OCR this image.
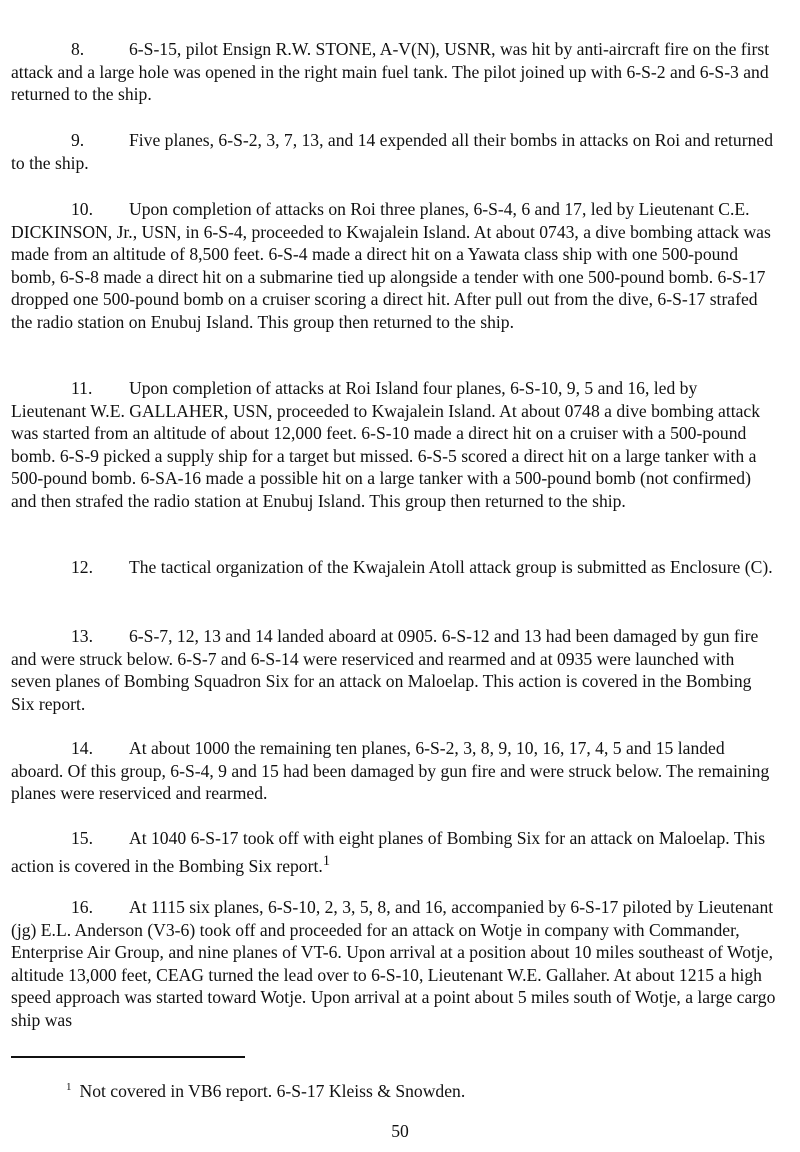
8.	6-S-15, pilot Ensign R.W. STONE, A-V(N), USNR, was hit by anti-aircraft fire on the first attack and a large hole was opened in the right main fuel tank. The pilot joined up with 6-S-2 and 6-S-3 and returned to the ship.

9.	Five planes, 6-S-2, 3, 7, 13, and 14 expended all their bombs in attacks on Roi and returned to the ship.

10. Upon completion of attacks on Roi three planes, 6-S-4, 6 and 17, led by Lieutenant C.E. DICKINSON, Jr., USN, in 6-S-4, proceeded to Kwajalein Island. At about 0743, a dive bombing attack was made from an altitude of 8,500 feet. 6-S-4 made a direct hit on a Yawata class ship with one 500-pound bomb, 6-S-8 made a direct hit on a submarine tied up alongside a tender with one 500-pound bomb. 6-S-17 dropped one 500-pound bomb on a cruiser scoring a direct hit. After pull out from the dive, 6-S-17 strafed the radio station on Enubuj Island. This group then returned to the ship.

11. Upon completion of attacks at Roi Island four planes, 6-S-10, 9, 5 and 16, led by Lieutenant W.E. GALLAHER, USN, proceeded to Kwajalein Island. At about 0748 a dive bombing attack was started from an altitude of about 12,000 feet. 6-S-10 made a direct hit on a cruiser with a 500-pound bomb. 6-S-9 picked a supply ship for a target but missed. 6-S-5 scored a direct hit on a large tanker with a 500-pound bomb. 6-SA-16 made a possible hit on a large tanker with a 500-pound bomb (not confirmed) and then strafed the radio station at Enubuj Island. This group then returned to the ship.

12. The tactical organization of the Kwajalein Atoll attack group is submitted as Enclosure (C).

13. 6-S-7, 12, 13 and 14 landed aboard at 0905. 6-S-12 and 13 had been damaged by gun fire and were struck below. 6-S-7 and 6-S-14 were reserviced and rearmed and at 0935 were launched with seven planes of Bombing Squadron Six for an attack on Maloelap. This action is covered in the Bombing Six report.

14. At about 1000 the remaining ten planes, 6-S-2, 3, 8, 9, 10, 16, 17, 4, 5 and 15 landed aboard. Of this group, 6-S-4, 9 and 15 had been damaged by gun fire and were struck below. The remaining planes were reserviced and rearmed.

15. At 1040 6-S-17 took off with eight planes of Bombing Six for an attack on Maloelap. This action is covered in the Bombing Six report.$^1$

16. At 1115 six planes, 6-S-10, 2, 3, 5, 8, and 16, accompanied by 6-S-17 piloted by Lieutenant (jg) E.L. Anderson (V3-6) took off and proceeded for an attack on Wotje in company with Commander, Enterprise Air Group, and nine planes of VT-6. Upon arrival at a position about 10 miles southeast of Wotje, altitude 13,000 feet, CEAG turned the lead over to 6-S-10, Lieutenant W.E. Gallaher. At about 1215 a high speed approach was started toward Wotje. Upon arrival at a point about 5 miles south of Wotje, a large cargo ship was

$^1$ Not covered in VB6 report. 6-S-17 Kleiss & Snowden.

50
